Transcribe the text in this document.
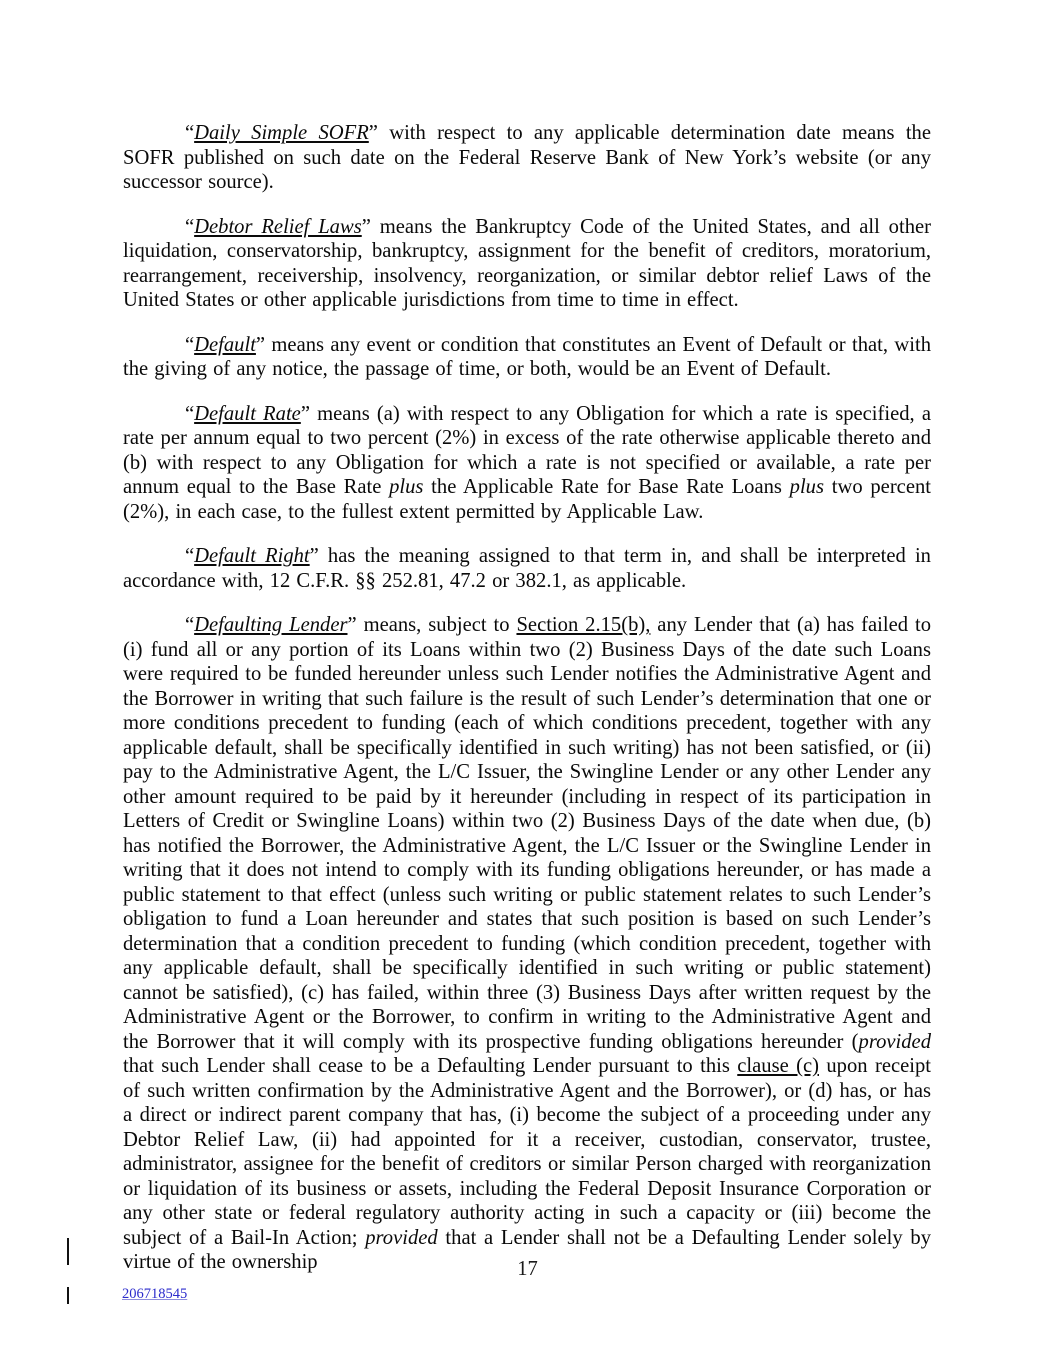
“Daily Simple SOFR” with respect to any applicable determination date means the SOFR published on such date on the Federal Reserve Bank of New York’s website (or any successor source).

“Debtor Relief Laws” means the Bankruptcy Code of the United States, and all other liquidation, conservatorship, bankruptcy, assignment for the benefit of creditors, moratorium, rearrangement, receivership, insolvency, reorganization, or similar debtor relief Laws of the United States or other applicable jurisdictions from time to time in effect.

“Default” means any event or condition that constitutes an Event of Default or that, with the giving of any notice, the passage of time, or both, would be an Event of Default.

“Default Rate” means (a) with respect to any Obligation for which a rate is specified, a rate per annum equal to two percent (2%) in excess of the rate otherwise applicable thereto and (b) with respect to any Obligation for which a rate is not specified or available, a rate per annum equal to the Base Rate plus the Applicable Rate for Base Rate Loans plus two percent (2%), in each case, to the fullest extent permitted by Applicable Law.

“Default Right” has the meaning assigned to that term in, and shall be interpreted in accordance with, 12 C.F.R. §§ 252.81, 47.2 or 382.1, as applicable.

“Defaulting Lender” means, subject to Section 2.15(b), any Lender that (a) has failed to (i) fund all or any portion of its Loans within two (2) Business Days of the date such Loans were required to be funded hereunder unless such Lender notifies the Administrative Agent and the Borrower in writing that such failure is the result of such Lender’s determination that one or more conditions precedent to funding (each of which conditions precedent, together with any applicable default, shall be specifically identified in such writing) has not been satisfied, or (ii) pay to the Administrative Agent, the L/C Issuer, the Swingline Lender or any other Lender any other amount required to be paid by it hereunder (including in respect of its participation in Letters of Credit or Swingline Loans) within two (2) Business Days of the date when due, (b) has notified the Borrower, the Administrative Agent, the L/C Issuer or the Swingline Lender in writing that it does not intend to comply with its funding obligations hereunder, or has made a public statement to that effect (unless such writing or public statement relates to such Lender’s obligation to fund a Loan hereunder and states that such position is based on such Lender’s determination that a condition precedent to funding (which condition precedent, together with any applicable default, shall be specifically identified in such writing or public statement) cannot be satisfied), (c) has failed, within three (3) Business Days after written request by the Administrative Agent or the Borrower, to confirm in writing to the Administrative Agent and the Borrower that it will comply with its prospective funding obligations hereunder (provided that such Lender shall cease to be a Defaulting Lender pursuant to this clause (c) upon receipt of such written confirmation by the Administrative Agent and the Borrower), or (d) has, or has a direct or indirect parent company that has, (i) become the subject of a proceeding under any Debtor Relief Law, (ii) had appointed for it a receiver, custodian, conservator, trustee, administrator, assignee for the benefit of creditors or similar Person charged with reorganization or liquidation of its business or assets, including the Federal Deposit Insurance Corporation or any other state or federal regulatory authority acting in such a capacity or (iii) become the subject of a Bail-In Action; provided that a Lender shall not be a Defaulting Lender solely by virtue of the ownership	17
206718545
